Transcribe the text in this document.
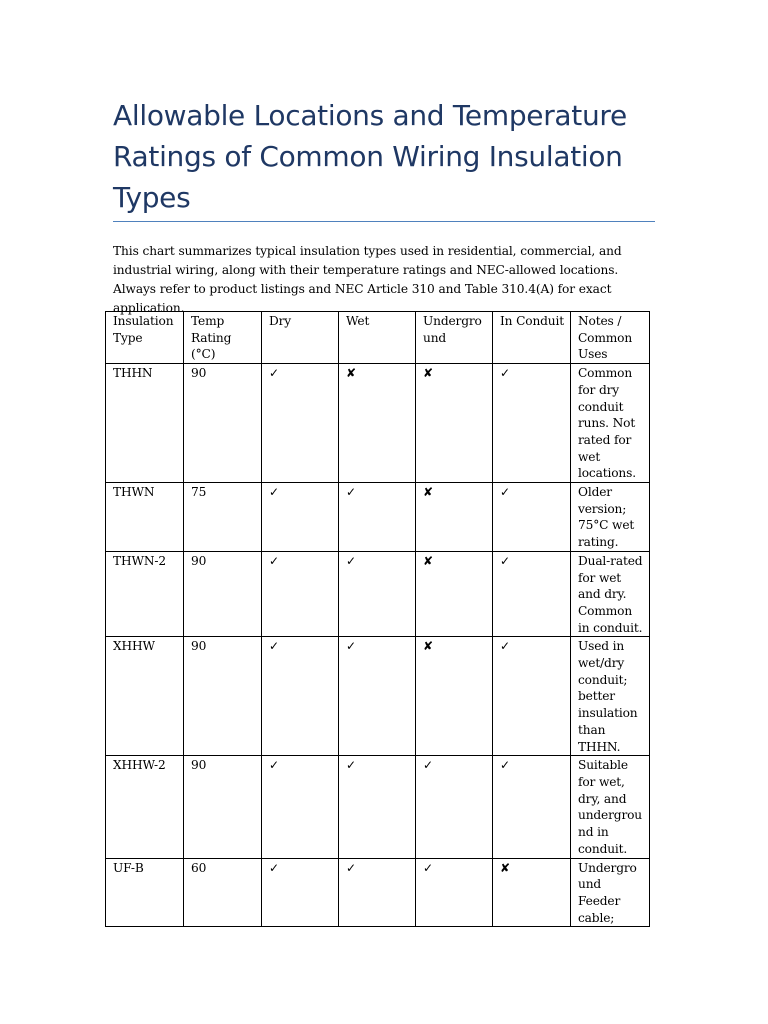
Allowable Locations and Temperature Ratings of Common Wiring Insulation Types

This chart summarizes typical insulation types used in residential, commercial, and industrial wiring, along with their temperature ratings and NEC-allowed locations. Always refer to product listings and NEC Article 310 and Table 310.4(A) for exact application.

Insulation Type	Temp Rating (°C)	Dry	Wet	Undergro und	In Conduit	Notes / Common Uses
THHN	90	✓	✘	✘	✓	Common for dry conduit runs. Not rated for wet locations.
THWN	75	✓	✓	✘	✓	Older version; 75°C wet rating.
THWN-2	90	✓	✓	✘	✓	Dual-rated for wet and dry. Common in conduit.
XHHW	90	✓	✓	✘	✓	Used in wet/dry conduit; better insulation than THHN.
XHHW-2	90	✓	✓	✓	✓	Suitable for wet, dry, and undergrou nd in conduit.
UF-B	60	✓	✓	✓	✘	Undergro und Feeder cable;
